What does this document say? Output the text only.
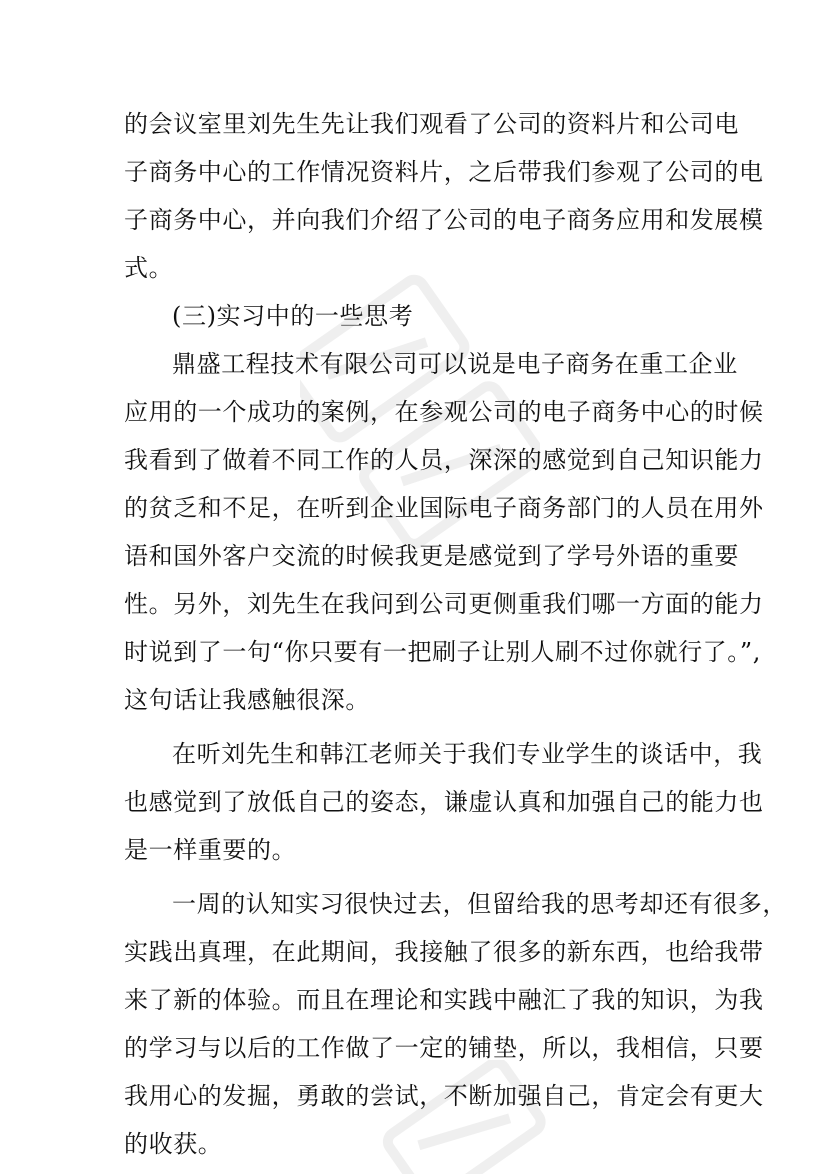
的会议室里刘先生先让我们观看了公司的资料片和公司电
子商务中心的工作情况资料片，之后带我们参观了公司的电
子商务中心，并向我们介绍了公司的电子商务应用和发展模
式。
(三)实习中的一些思考
鼎盛工程技术有限公司可以说是电子商务在重工企业
应用的一个成功的案例，在参观公司的电子商务中心的时候
我看到了做着不同工作的人员，深深的感觉到自己知识能力
的贫乏和不足，在听到企业国际电子商务部门的人员在用外
语和国外客户交流的时候我更是感觉到了学号外语的重要
性。另外，刘先生在我问到公司更侧重我们哪一方面的能力
时说到了一句“你只要有一把刷子让别人刷不过你就行了。”,
这句话让我感触很深。
在听刘先生和韩江老师关于我们专业学生的谈话中，我
也感觉到了放低自己的姿态，谦虚认真和加强自己的能力也
是一样重要的。
一周的认知实习很快过去，但留给我的思考却还有很多，
实践出真理，在此期间，我接触了很多的新东西，也给我带
来了新的体验。而且在理论和实践中融汇了我的知识，为我
的学习与以后的工作做了一定的铺垫，所以，我相信，只要
我用心的发掘，勇敢的尝试，不断加强自己，肯定会有更大
的收获。
